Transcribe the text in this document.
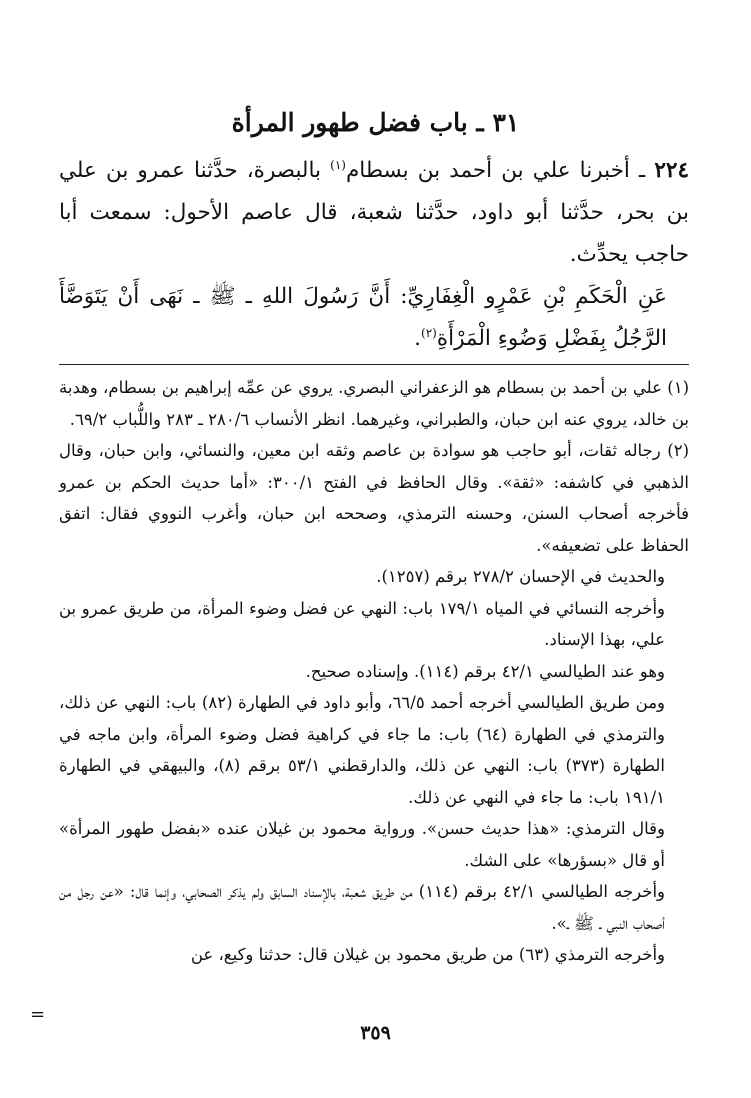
٣١ ـ باب فضل طهور المرأة

٢٢٤ ـ أخبرنا علي بن أحمد بن بسطام$^{(١)}$ بالبصرة، حدَّثنا عمرو بن علي بن بحر، حدَّثنا أبو داود، حدَّثنا شعبة، قال عاصم الأحول: سمعت أبا حاجب يحدِّث.

عَنِ الْحَكَمِ بْنِ عَمْرٍو الْغِفَارِيِّ: أَنَّ رَسُولَ اللهِ ـ ﷺ ـ نَهَى أَنْ يَتَوَضَّأَ الرَّجُلُ بِفَضْلِ وَضُوءِ الْمَرْأَةِ$^{(٢)}$.

(١) علي بن أحمد بن بسطام هو الزعفراني البصري. يروي عن عمِّه إبراهيم بن بسطام، وهدبة بن خالد، يروي عنه ابن حبان، والطبراني، وغيرهما. انظر الأنساب ٢٨٠/٦ ـ ٢٨٣ واللُّباب ٦٩/٢.

(٢) رجاله ثقات، أبو حاجب هو سوادة بن عاصم وثقه ابن معين، والنسائي، وابن حبان، وقال الذهبي في كاشفه: «ثقة». وقال الحافظ في الفتح ٣٠٠/١: «أما حديث الحكم بن عمرو فأخرجه أصحاب السنن، وحسنه الترمذي، وصححه ابن حبان، وأغرب النووي فقال: اتفق الحفاظ على تضعيفه».

والحديث في الإحسان ٢٧٨/٢ برقم (١٢٥٧).

وأخرجه النسائي في المياه ١٧٩/١ باب: النهي عن فضل وضوء المرأة، من طريق عمرو بن علي، بهذا الإسناد.

وهو عند الطيالسي ٤٢/١ برقم (١١٤). وإسناده صحيح.

ومن طريق الطيالسي أخرجه أحمد ٦٦/٥، وأبو داود في الطهارة (٨٢) باب: النهي عن ذلك، والترمذي في الطهارة (٦٤) باب: ما جاء في كراهية فضل وضوء المرأة، وابن ماجه في الطهارة (٣٧٣) باب: النهي عن ذلك، والدارقطني ٥٣/١ برقم (٨)، والبيهقي في الطهارة ١٩١/١ باب: ما جاء في النهي عن ذلك.

وقال الترمذي: «هذا حديث حسن». ورواية محمود بن غيلان عنده «بفضل طهور المرأة» أو قال «بسؤرها» على الشك.

وأخرجه الطيالسي ٤٢/١ برقم (١١٤) من طريق شعبة، بالإسناد السابق ولم يذكر الصحابي، وإنما قال: «عن رجل من أصحاب النبي ـ ﷺ ـ».

وأخرجه الترمذي (٦٣) من طريق محمود بن غيلان قال: حدثنا وكيع، عن

=
٣٥٩
